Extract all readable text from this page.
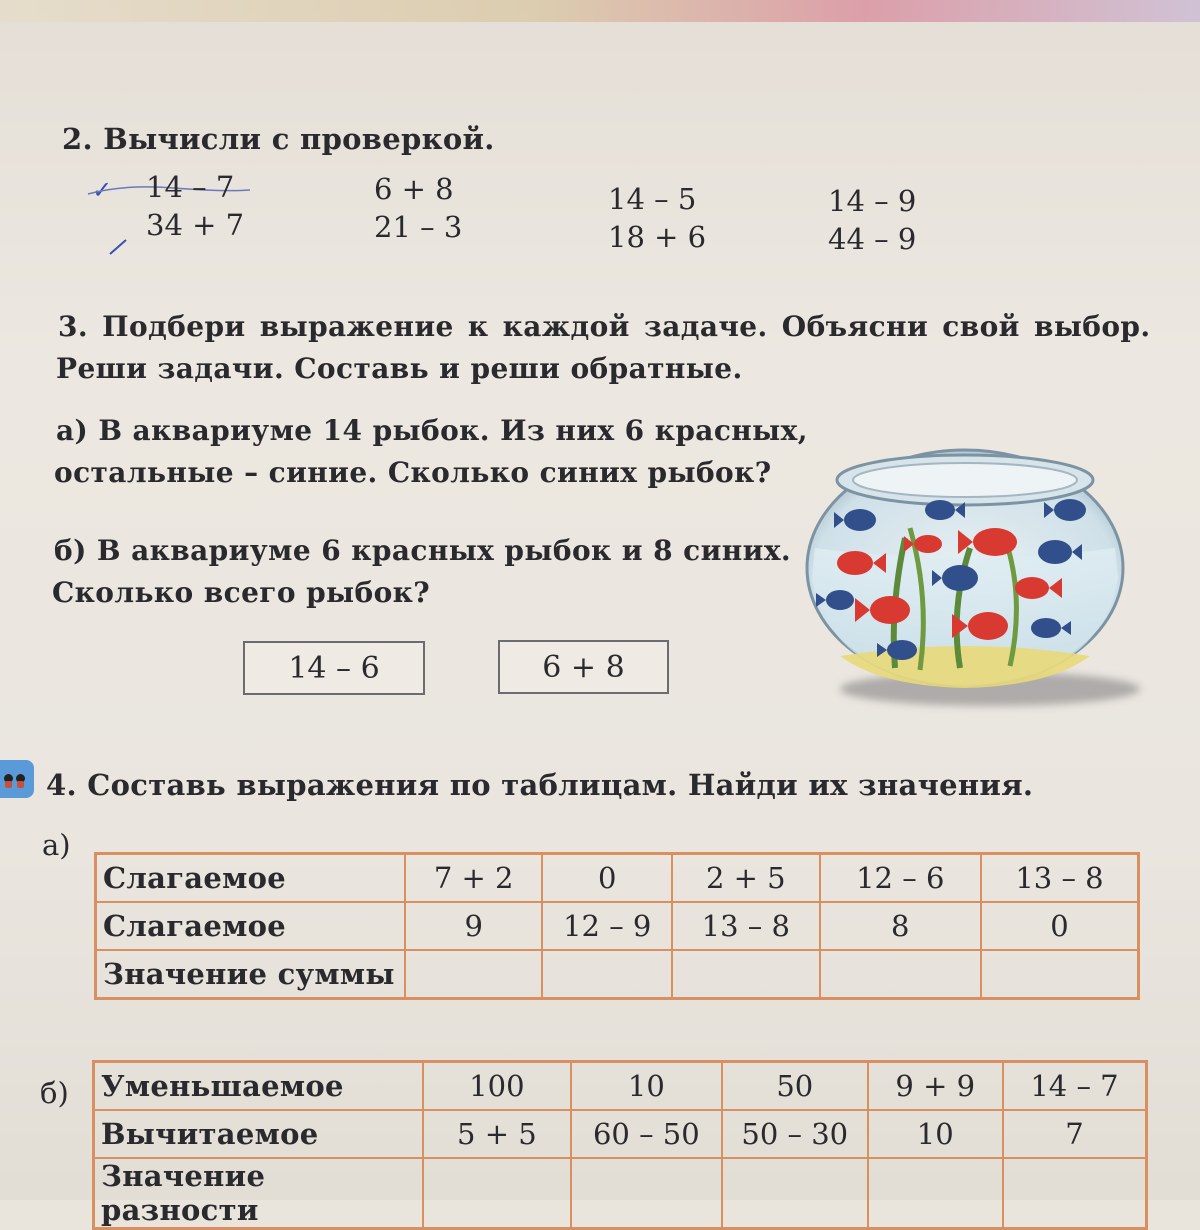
2. Вычисли с проверкой.
✓ 14 – 7
34 + 7
6 + 8
21 – 3
14 – 5
18 + 6
14 – 9
44 – 9
3. Подбери выражение к каждой задаче. Объясни свой выбор.
Реши задачи. Составь и реши обратные.
а) В аквариуме 14 рыбок. Из них 6 красных,
остальные – синие. Сколько синих рыбок?
б) В аквариуме 6 красных рыбок и 8 синих.
Сколько всего рыбок?
14 – 6	6 + 8
4. Составь выражения по таблицам. Найди их значения.
а)
Слагаемое	7 + 2	0	2 + 5	12 – 6	13 – 8
Слагаемое	9	12 – 9	13 – 8	8	0
Значение суммы					
б) Уменьшаемое	100	10	50	9 + 9	14 – 7
Вычитаемое	5 + 5	60 – 50	50 – 30	10	7
Значение разности					
